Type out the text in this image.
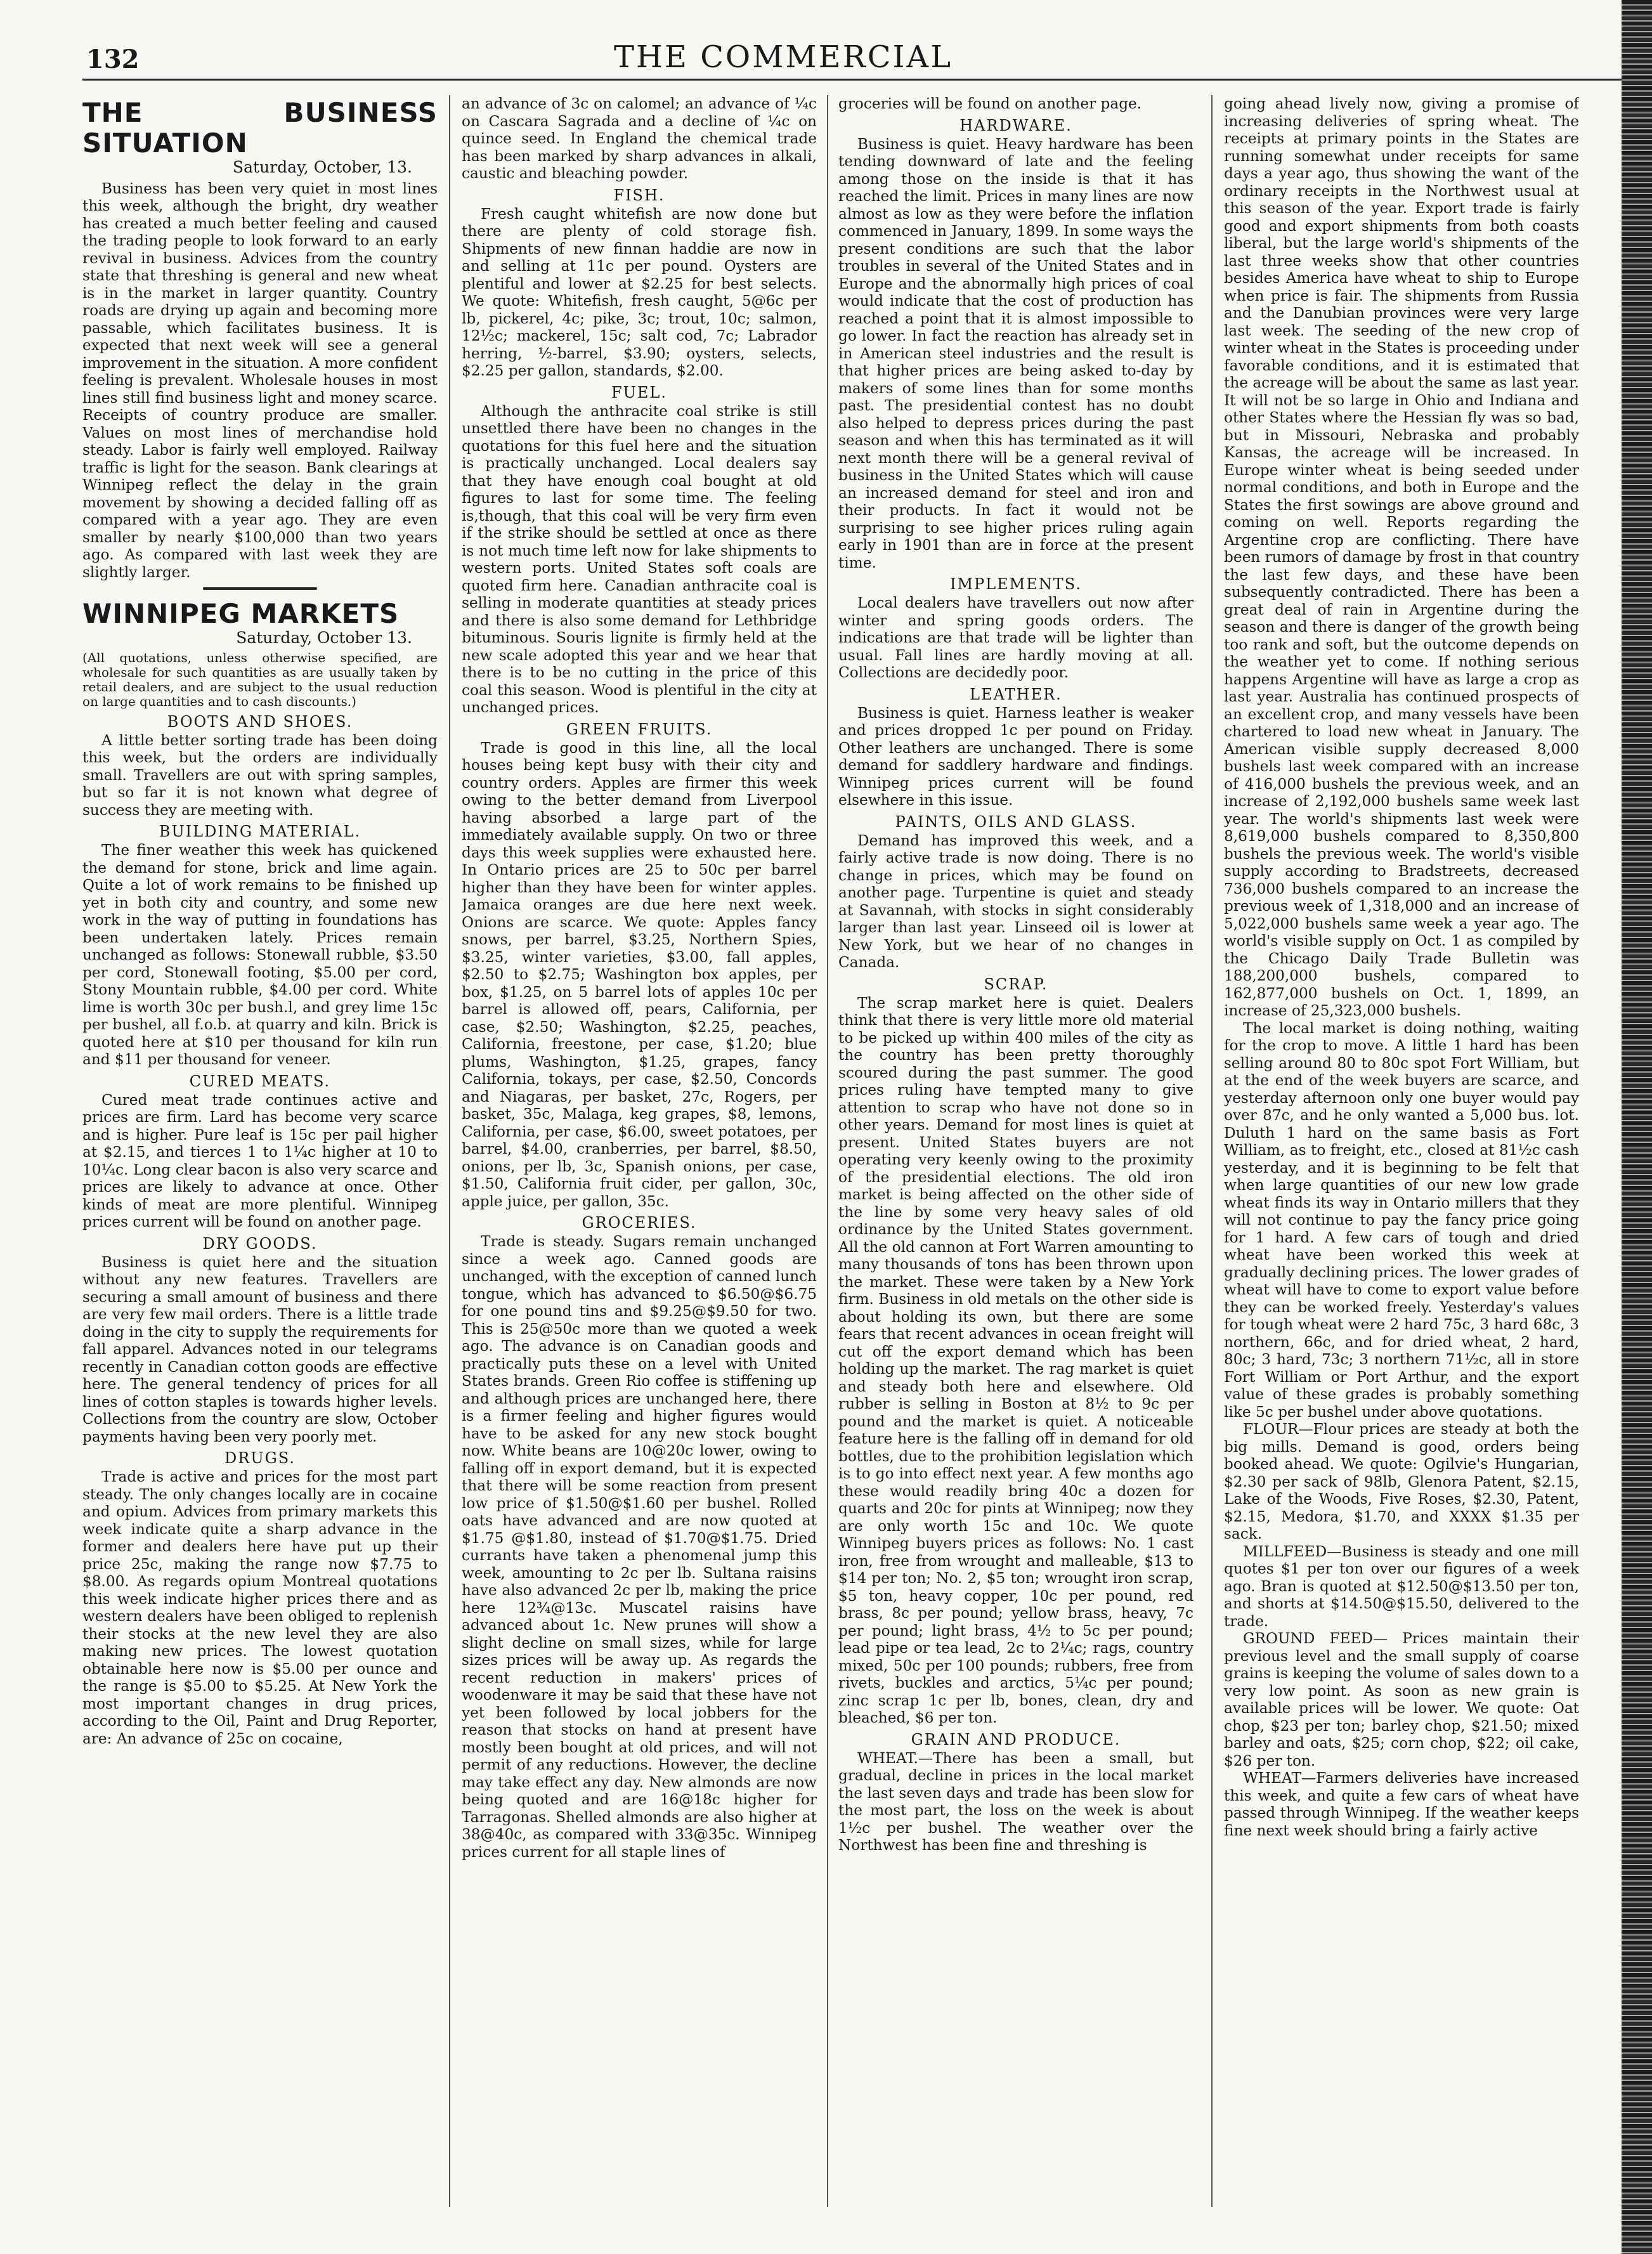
132	THE COMMERCIAL
THE BUSINESS SITUATION
Saturday, October, 13.

Business has been very quiet in most lines this week, although the bright, dry weather has created a much better feeling and caused the trading people to look forward to an early revival in business. Advices from the country state that threshing is general and new wheat is in the market in larger quantity. Country roads are drying up again and becoming more passable, which facilitates business. It is expected that next week will see a general improvement in the situation. A more confident feeling is prevalent. Wholesale houses in most lines still find business light and money scarce. Receipts of country produce are smaller. Values on most lines of merchandise hold steady. Labor is fairly well employed. Railway traffic is light for the season. Bank clearings at Winnipeg reflect the delay in the grain movement by showing a decided falling off as compared with a year ago. They are even smaller by nearly $100,000 than two years ago. As compared with last week they are slightly larger.

WINNIPEG MARKETS
Saturday, October 13.
(All quotations, unless otherwise specified, are wholesale for such quantities as are usually taken by retail dealers, and are subject to the usual reduction on large quantities and to cash discounts.)
BOOTS AND SHOES.

A little better sorting trade has been doing this week, but the orders are individually small. Travellers are out with spring samples, but so far it is not known what degree of success they are meeting with.

BUILDING MATERIAL.

The finer weather this week has quickened the demand for stone, brick and lime again. Quite a lot of work remains to be finished up yet in both city and country, and some new work in the way of putting in foundations has been undertaken lately. Prices remain unchanged as follows: Stonewall rubble, $3.50 per cord, Stonewall footing, $5.00 per cord, Stony Mountain rubble, $4.00 per cord. White lime is worth 30c per bush.l, and grey lime 15c per bushel, all f.o.b. at quarry and kiln. Brick is quoted here at $10 per thousand for kiln run and $11 per thousand for veneer.

CURED MEATS.

Cured meat trade continues active and prices are firm. Lard has become very scarce and is higher. Pure leaf is 15c per pail higher at $2.15, and tierces 1 to 1¼c higher at 10 to 10¼c. Long clear bacon is also very scarce and prices are likely to advance at once. Other kinds of meat are more plentiful. Winnipeg prices current will be found on another page.

DRY GOODS.

Business is quiet here and the situation without any new features. Travellers are securing a small amount of business and there are very few mail orders. There is a little trade doing in the city to supply the requirements for fall apparel. Advances noted in our telegrams recently in Canadian cotton goods are effective here. The general tendency of prices for all lines of cotton staples is towards higher levels. Collections from the country are slow, October payments having been very poorly met.

DRUGS.

Trade is active and prices for the most part steady. The only changes locally are in cocaine and opium. Advices from primary markets this week indicate quite a sharp advance in the former and dealers here have put up their price 25c, making the range now $7.75 to $8.00. As regards opium Montreal quotations this week indicate higher prices there and as western dealers have been obliged to replenish their stocks at the new level they are also making new prices. The lowest quotation obtainable here now is $5.00 per ounce and the range is $5.00 to $5.25. At New York the most important changes in drug prices, according to the Oil, Paint and Drug Reporter, are: An advance of 25c on cocaine,

an advance of 3c on calomel; an advance of ¼c on Cascara Sagrada and a decline of ¼c on quince seed. In England the chemical trade has been marked by sharp advances in alkali, caustic and bleaching powder.

FISH.

Fresh caught whitefish are now done but there are plenty of cold storage fish. Shipments of new finnan haddie are now in and selling at 11c per pound. Oysters are plentiful and lower at $2.25 for best selects. We quote: Whitefish, fresh caught, 5@6c per lb, pickerel, 4c; pike, 3c; trout, 10c; salmon, 12½c; mackerel, 15c; salt cod, 7c; Labrador herring, ½-barrel, $3.90; oysters, selects, $2.25 per gallon, standards, $2.00.

FUEL.

Although the anthracite coal strike is still unsettled there have been no changes in the quotations for this fuel here and the situation is practically unchanged. Local dealers say that they have enough coal bought at old figures to last for some time. The feeling is,though, that this coal will be very firm even if the strike should be settled at once as there is not much time left now for lake shipments to western ports. United States soft coals are quoted firm here. Canadian anthracite coal is selling in moderate quantities at steady prices and there is also some demand for Lethbridge bituminous. Souris lignite is firmly held at the new scale adopted this year and we hear that there is to be no cutting in the price of this coal this season. Wood is plentiful in the city at unchanged prices.

GREEN FRUITS.

Trade is good in this line, all the local houses being kept busy with their city and country orders. Apples are firmer this week owing to the better demand from Liverpool having absorbed a large part of the immediately available supply. On two or three days this week supplies were exhausted here. In Ontario prices are 25 to 50c per barrel higher than they have been for winter apples. Jamaica oranges are due here next week. Onions are scarce. We quote: Apples fancy snows, per barrel, $3.25, Northern Spies, $3.25, winter varieties, $3.00, fall apples, $2.50 to $2.75; Washington box apples, per box, $1.25, on 5 barrel lots of apples 10c per barrel is allowed off, pears, California, per case, $2.50; Washington, $2.25, peaches, California, freestone, per case, $1.20; blue plums, Washington, $1.25, grapes, fancy California, tokays, per case, $2.50, Concords and Niagaras, per basket, 27c, Rogers, per basket, 35c, Malaga, keg grapes, $8, lemons, California, per case, $6.00, sweet potatoes, per barrel, $4.00, cranberries, per barrel, $8.50, onions, per lb, 3c, Spanish onions, per case, $1.50, California fruit cider, per gallon, 30c, apple juice, per gallon, 35c.

GROCERIES.

Trade is steady. Sugars remain unchanged since a week ago. Canned goods are unchanged, with the exception of canned lunch tongue, which has advanced to $6.50@$6.75 for one pound tins and $9.25@$9.50 for two. This is 25@50c more than we quoted a week ago. The advance is on Canadian goods and practically puts these on a level with United States brands. Green Rio coffee is stiffening up and although prices are unchanged here, there is a firmer feeling and higher figures would have to be asked for any new stock bought now. White beans are 10@20c lower, owing to falling off in export demand, but it is expected that there will be some reaction from present low price of $1.50@$1.60 per bushel. Rolled oats have advanced and are now quoted at $1.75 @$1.80, instead of $1.70@$1.75. Dried currants have taken a phenomenal jump this week, amounting to 2c per lb. Sultana raisins have also advanced 2c per lb, making the price here 12¾@13c. Muscatel raisins have advanced about 1c. New prunes will show a slight decline on small sizes, while for large sizes prices will be away up. As regards the recent reduction in makers' prices of woodenware it may be said that these have not yet been followed by local jobbers for the reason that stocks on hand at present have mostly been bought at old prices, and will not permit of any reductions. However, the decline may take effect any day. New almonds are now being quoted and are 16@18c higher for Tarragonas. Shelled almonds are also higher at 38@40c, as compared with 33@35c. Winnipeg prices current for all staple lines of

groceries will be found on another page.

HARDWARE.

Business is quiet. Heavy hardware has been tending downward of late and the feeling among those on the inside is that it has reached the limit. Prices in many lines are now almost as low as they were before the inflation commenced in January, 1899. In some ways the present conditions are such that the labor troubles in several of the United States and in Europe and the abnormally high prices of coal would indicate that the cost of production has reached a point that it is almost impossible to go lower. In fact the reaction has already set in in American steel industries and the result is that higher prices are being asked to-day by makers of some lines than for some months past. The presidential contest has no doubt also helped to depress prices during the past season and when this has terminated as it will next month there will be a general revival of business in the United States which will cause an increased demand for steel and iron and their products. In fact it would not be surprising to see higher prices ruling again early in 1901 than are in force at the present time.

IMPLEMENTS.

Local dealers have travellers out now after winter and spring goods orders. The indications are that trade will be lighter than usual. Fall lines are hardly moving at all. Collections are decidedly poor.

LEATHER.

Business is quiet. Harness leather is weaker and prices dropped 1c per pound on Friday. Other leathers are unchanged. There is some demand for saddlery hardware and findings. Winnipeg prices current will be found elsewhere in this issue.

PAINTS, OILS AND GLASS.

Demand has improved this week, and a fairly active trade is now doing. There is no change in prices, which may be found on another page. Turpentine is quiet and steady at Savannah, with stocks in sight considerably larger than last year. Linseed oil is lower at New York, but we hear of no changes in Canada.

SCRAP.

The scrap market here is quiet. Dealers think that there is very little more old material to be picked up within 400 miles of the city as the country has been pretty thoroughly scoured during the past summer. The good prices ruling have tempted many to give attention to scrap who have not done so in other years. Demand for most lines is quiet at present. United States buyers are not operating very keenly owing to the proximity of the presidential elections. The old iron market is being affected on the other side of the line by some very heavy sales of old ordinance by the United States government. All the old cannon at Fort Warren amounting to many thousands of tons has been thrown upon the market. These were taken by a New York firm. Business in old metals on the other side is about holding its own, but there are some fears that recent advances in ocean freight will cut off the export demand which has been holding up the market. The rag market is quiet and steady both here and elsewhere. Old rubber is selling in Boston at 8½ to 9c per pound and the market is quiet. A noticeable feature here is the falling off in demand for old bottles, due to the prohibition legislation which is to go into effect next year. A few months ago these would readily bring 40c a dozen for quarts and 20c for pints at Winnipeg; now they are only worth 15c and 10c. We quote Winnipeg buyers prices as follows: No. 1 cast iron, free from wrought and malleable, $13 to $14 per ton; No. 2, $5 ton; wrought iron scrap, $5 ton, heavy copper, 10c per pound, red brass, 8c per pound; yellow brass, heavy, 7c per pound; light brass, 4½ to 5c per pound; lead pipe or tea lead, 2c to 2¼c; rags, country mixed, 50c per 100 pounds; rubbers, free from rivets, buckles and arctics, 5¼c per pound; zinc scrap 1c per lb, bones, clean, dry and bleached, $6 per ton.

GRAIN AND PRODUCE.

WHEAT.—There has been a small, but gradual, decline in prices in the local market the last seven days and trade has been slow for the most part, the loss on the week is about 1½c per bushel. The weather over the Northwest has been fine and threshing is

going ahead lively now, giving a promise of increasing deliveries of spring wheat. The receipts at primary points in the States are running somewhat under receipts for same days a year ago, thus showing the want of the ordinary receipts in the Northwest usual at this season of the year. Export trade is fairly good and export shipments from both coasts liberal, but the large world's shipments of the last three weeks show that other countries besides America have wheat to ship to Europe when price is fair. The shipments from Russia and the Danubian provinces were very large last week. The seeding of the new crop of winter wheat in the States is proceeding under favorable conditions, and it is estimated that the acreage will be about the same as last year. It will not be so large in Ohio and Indiana and other States where the Hessian fly was so bad, but in Missouri, Nebraska and probably Kansas, the acreage will be increased. In Europe winter wheat is being seeded under normal conditions, and both in Europe and the States the first sowings are above ground and coming on well. Reports regarding the Argentine crop are conflicting. There have been rumors of damage by frost in that country the last few days, and these have been subsequently contradicted. There has been a great deal of rain in Argentine during the season and there is danger of the growth being too rank and soft, but the outcome depends on the weather yet to come. If nothing serious happens Argentine will have as large a crop as last year. Australia has continued prospects of an excellent crop, and many vessels have been chartered to load new wheat in January. The American visible supply decreased 8,000 bushels last week compared with an increase of 416,000 bushels the previous week, and an increase of 2,192,000 bushels same week last year. The world's shipments last week were 8,619,000 bushels compared to 8,350,800 bushels the previous week. The world's visible supply according to Bradstreets, decreased 736,000 bushels compared to an increase the previous week of 1,318,000 and an increase of 5,022,000 bushels same week a year ago. The world's visible supply on Oct. 1 as compiled by the Chicago Daily Trade Bulletin was 188,200,000 bushels, compared to 162,877,000 bushels on Oct. 1, 1899, an increase of 25,323,000 bushels.

The local market is doing nothing, waiting for the crop to move. A little 1 hard has been selling around 80 to 80c spot Fort William, but at the end of the week buyers are scarce, and yesterday afternoon only one buyer would pay over 87c, and he only wanted a 5,000 bus. lot. Duluth 1 hard on the same basis as Fort William, as to freight, etc., closed at 81½c cash yesterday, and it is beginning to be felt that when large quantities of our new low grade wheat finds its way in Ontario millers that they will not continue to pay the fancy price going for 1 hard. A few cars of tough and dried wheat have been worked this week at gradually declining prices. The lower grades of wheat will have to come to export value before they can be worked freely. Yesterday's values for tough wheat were 2 hard 75c, 3 hard 68c, 3 northern, 66c, and for dried wheat, 2 hard, 80c; 3 hard, 73c; 3 northern 71½c, all in store Fort William or Port Arthur, and the export value of these grades is probably something like 5c per bushel under above quotations.

FLOUR—Flour prices are steady at both the big mills. Demand is good, orders being booked ahead. We quote: Ogilvie's Hungarian, $2.30 per sack of 98lb, Glenora Patent, $2.15, Lake of the Woods, Five Roses, $2.30, Patent, $2.15, Medora, $1.70, and XXXX $1.35 per sack.

MILLFEED—Business is steady and one mill quotes $1 per ton over our figures of a week ago. Bran is quoted at $12.50@$13.50 per ton, and shorts at $14.50@$15.50, delivered to the trade.

GROUND FEED— Prices maintain their previous level and the small supply of coarse grains is keeping the volume of sales down to a very low point. As soon as new grain is available prices will be lower. We quote: Oat chop, $23 per ton; barley chop, $21.50; mixed barley and oats, $25; corn chop, $22; oil cake, $26 per ton.

WHEAT—Farmers deliveries have increased this week, and quite a few cars of wheat have passed through Winnipeg. If the weather keeps fine next week should bring a fairly active
